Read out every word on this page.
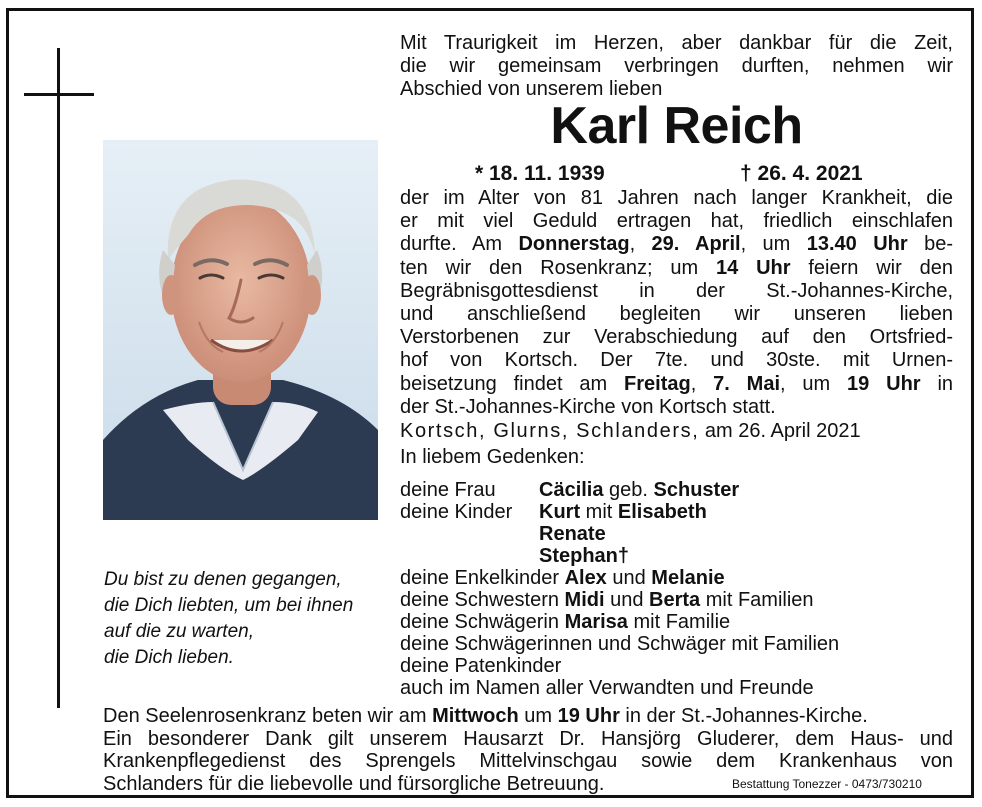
Du bist zu denen gegangen,
die Dich liebten, um bei ihnen
auf die zu warten,
die Dich lieben.
Mit Traurigkeit im Herzen, aber dankbar für die Zeit,
die wir gemeinsam verbringen durften, nehmen wir
Abschied von unserem lieben
Karl Reich
* 18. 11. 1939	† 26. 4. 2021
der im Alter von 81 Jahren nach langer Krankheit, die
er mit viel Geduld ertragen hat, friedlich einschlafen
durfte. Am Donnerstag, 29. April, um 13.40 Uhr be-
ten wir den Rosenkranz; um 14 Uhr feiern wir den
Begräbnisgottesdienst in der St.-Johannes-Kirche,
und anschließend begleiten wir unseren lieben
Verstorbenen zur Verabschiedung auf den Ortsfried-
hof von Kortsch. Der 7te. und 30ste. mit Urnen-
beisetzung findet am Freitag, 7. Mai, um 19 Uhr in
der St.-Johannes-Kirche von Kortsch statt.
Kortsch, Glurns, Schlanders, am 26. April 2021
In liebem Gedenken:
deine Frau Cäcilia geb. Schuster
deine Kinder Kurt mit Elisabeth
Renate
Stephan†
deine Enkelkinder Alex und Melanie
deine Schwestern Midi und Berta mit Familien
deine Schwägerin Marisa mit Familie
deine Schwägerinnen und Schwäger mit Familien
deine Patenkinder
auch im Namen aller Verwandten und Freunde
Den Seelenrosenkranz beten wir am Mittwoch um 19 Uhr in der St.-Johannes-Kirche.
Ein besonderer Dank gilt unserem Hausarzt Dr. Hansjörg Gluderer, dem Haus- und
Krankenpflegedienst des Sprengels Mittelvinschgau sowie dem Krankenhaus von
Schlanders für die liebevolle und fürsorgliche Betreuung.	Bestattung Tonezzer - 0473/730210
